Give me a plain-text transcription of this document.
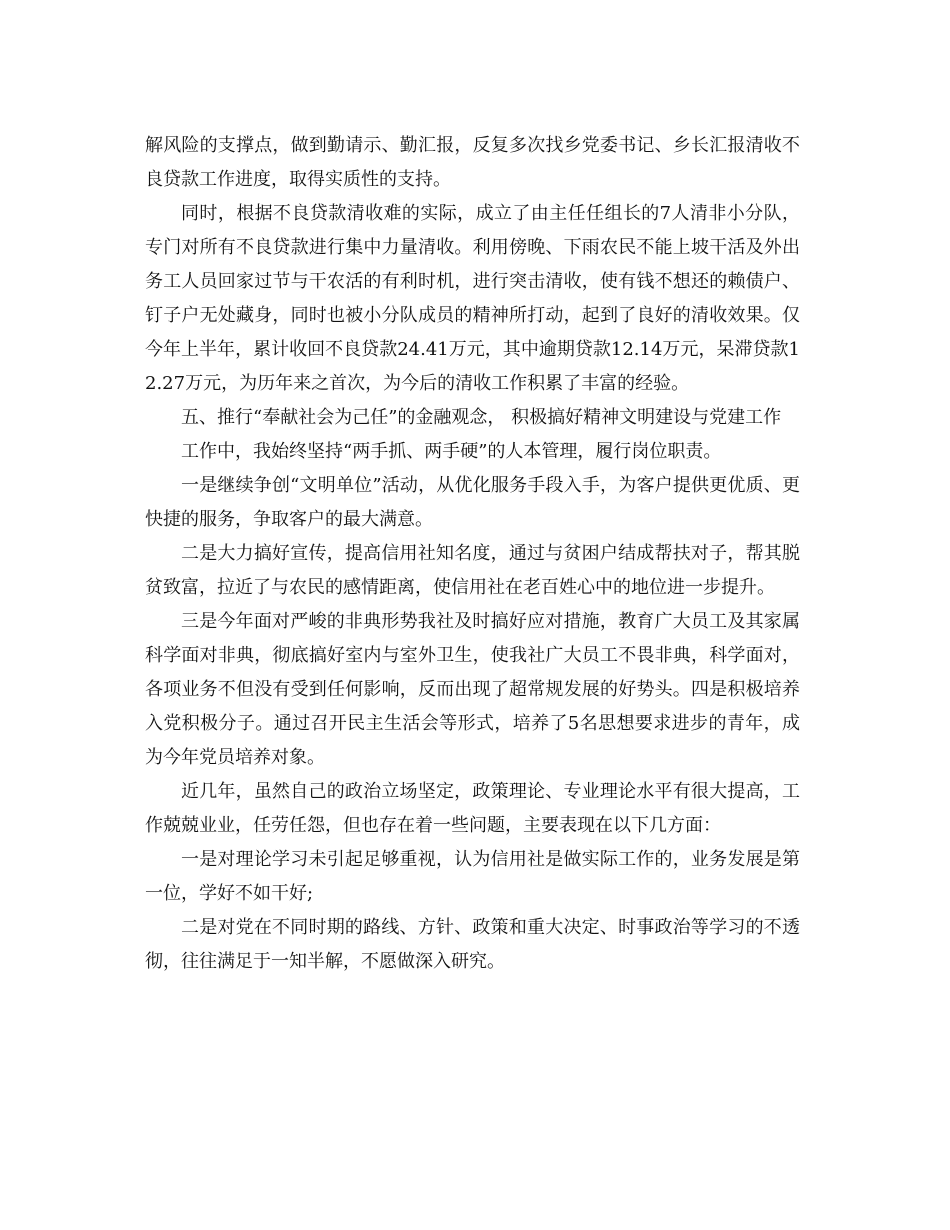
解风险的支撑点，做到勤请示、勤汇报，反复多次找乡党委书记、乡长汇报清收不良贷款工作进度，取得实质性的支持。

同时，根据不良贷款清收难的实际，成立了由主任任组长的7人清非小分队，专门对所有不良贷款进行集中力量清收。利用傍晚、下雨农民不能上坡干活及外出务工人员回家过节与干农活的有利时机，进行突击清收，使有钱不想还的赖债户、钉子户无处藏身，同时也被小分队成员的精神所打动，起到了良好的清收效果。仅今年上半年，累计收回不良贷款24.41万元，其中逾期贷款12.14万元，呆滞贷款12.27万元，为历年来之首次，为今后的清收工作积累了丰富的经验。

五、推行“奉献社会为己任”的金融观念， 积极搞好精神文明建设与党建工作

工作中，我始终坚持“两手抓、两手硬”的人本管理，履行岗位职责。

一是继续争创“文明单位”活动，从优化服务手段入手，为客户提供更优质、更快捷的服务，争取客户的最大满意。

二是大力搞好宣传，提高信用社知名度，通过与贫困户结成帮扶对子，帮其脱贫致富，拉近了与农民的感情距离，使信用社在老百姓心中的地位进一步提升。

三是今年面对严峻的非典形势我社及时搞好应对措施，教育广大员工及其家属科学面对非典，彻底搞好室内与室外卫生，使我社广大员工不畏非典，科学面对，各项业务不但没有受到任何影响，反而出现了超常规发展的好势头。四是积极培养入党积极分子。通过召开民主生活会等形式，培养了5名思想要求进步的青年，成为今年党员培养对象。

近几年，虽然自己的政治立场坚定，政策理论、专业理论水平有很大提高，工作兢兢业业，任劳任怨，但也存在着一些问题，主要表现在以下几方面：

一是对理论学习未引起足够重视，认为信用社是做实际工作的，业务发展是第一位，学好不如干好;

二是对党在不同时期的路线、方针、政策和重大决定、时事政治等学习的不透彻，往往满足于一知半解，不愿做深入研究。
